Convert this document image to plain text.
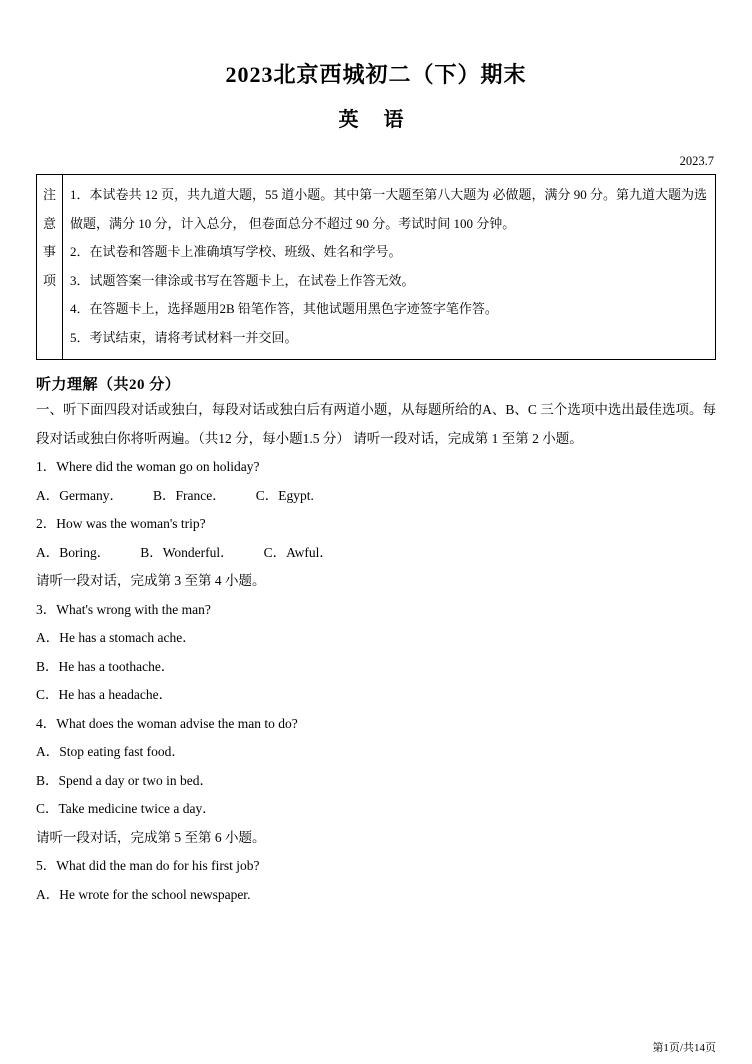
2023北京西城初二（下）期末
英 语
2023.7
注
意
事
项

1．本试卷共 12 页，共九道大题，55 道小题。其中第一大题至第八大题为 必做题，满分 90 分。第九道大题为选做题，满分 10 分，计入总分， 但卷面总分不超过 90 分。考试时间 100 分钟。

2．在试卷和答题卡上准确填写学校、班级、姓名和学号。

3．试题答案一律涂或书写在答题卡上，在试卷上作答无效。

4．在答题卡上，选择题用2B 铅笔作答，其他试题用黑色字迹签字笔作答。

5．考试结束，请将考试材料一并交回。

听力理解（共20 分）

一、听下面四段对话或独白，每段对话或独白后有两道小题，从每题所给的A、B、C 三个选项中选出最佳选项。每段对话或独白你将听两遍。（共12 分，每小题1.5 分） 请听一段对话，完成第 1 至第 2 小题。

1．Where did the woman go on holiday?

A．Germany． B．France． C．Egypt.

2．How was the woman's trip?

A．Boring． B．Wonderful． C．Awful．

请听一段对话，完成第 3 至第 4 小题。

3．What's wrong with the man?

A．He has a stomach ache．

B．He has a toothache．

C．He has a headache．

4．What does the woman advise the man to do?

A．Stop eating fast food．

B．Spend a day or two in bed．

C．Take medicine twice a day．

请听一段对话，完成第 5 至第 6 小题。

5．What did the man do for his first job?

A．He wrote for the school newspaper.

第1页/共14页
